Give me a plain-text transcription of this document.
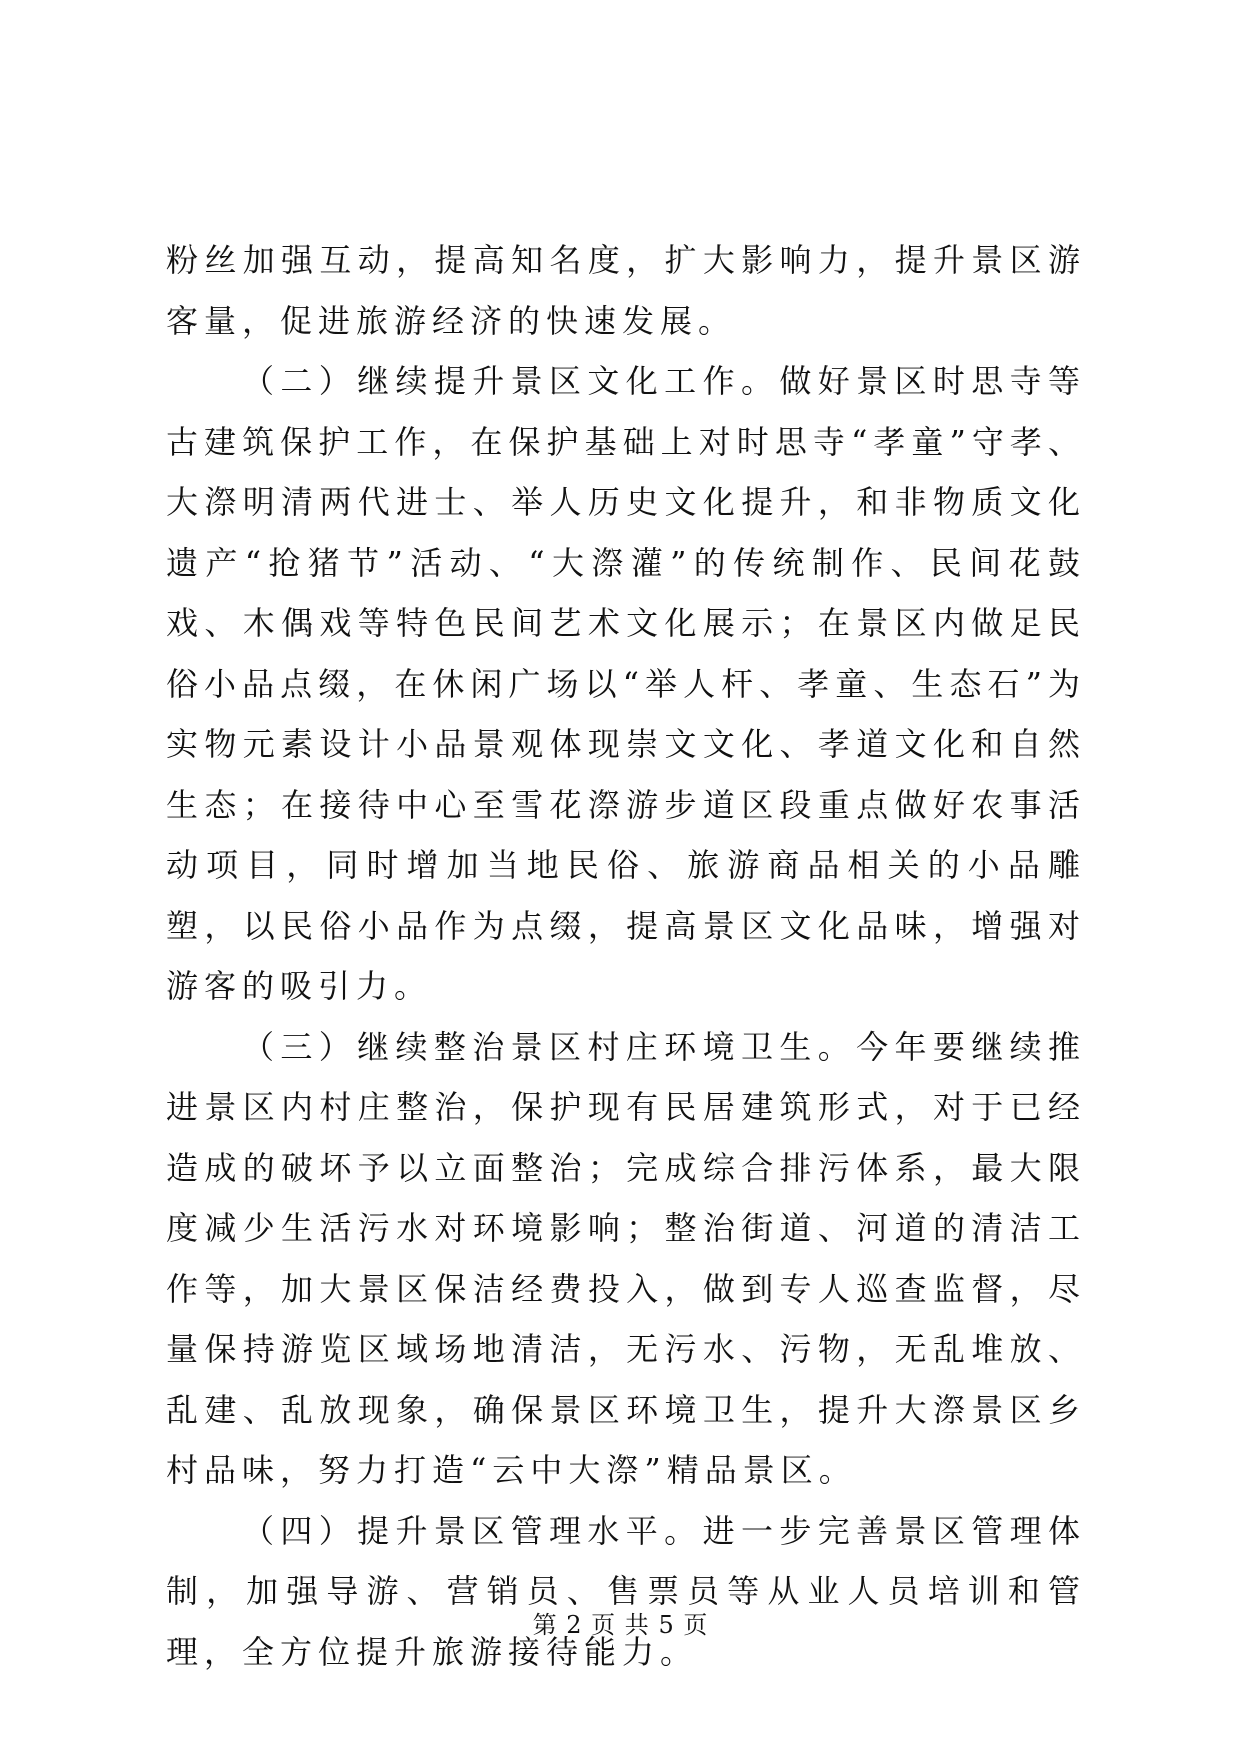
粉丝加强互动，提高知名度，扩大影响力，提升景区游客量，促进旅游经济的快速发展。

（二）继续提升景区文化工作。做好景区时思寺等古建筑保护工作，在保护基础上对时思寺“孝童”守孝、大漈明清两代进士、举人历史文化提升，和非物质文化遗产“抢猪节”活动、“大漈灌”的传统制作、民间花鼓戏、木偶戏等特色民间艺术文化展示；在景区内做足民俗小品点缀，在休闲广场以“举人杆、孝童、生态石”为实物元素设计小品景观体现崇文文化、孝道文化和自然生态；在接待中心至雪花漈游步道区段重点做好农事活动项目，同时增加当地民俗、旅游商品相关的小品雕塑，以民俗小品作为点缀，提高景区文化品味，增强对游客的吸引力。

（三）继续整治景区村庄环境卫生。今年要继续推进景区内村庄整治，保护现有民居建筑形式，对于已经造成的破坏予以立面整治；完成综合排污体系，最大限度减少生活污水对环境影响；整治街道、河道的清洁工作等，加大景区保洁经费投入，做到专人巡查监督，尽量保持游览区域场地清洁，无污水、污物，无乱堆放、乱建、乱放现象，确保景区环境卫生，提升大漈景区乡村品味，努力打造“云中大漈”精品景区。

（四）提升景区管理水平。进一步完善景区管理体制，加强导游、营销员、售票员等从业人员培训和管理，全方位提升旅游接待能力。

第 2 页 共 5 页
